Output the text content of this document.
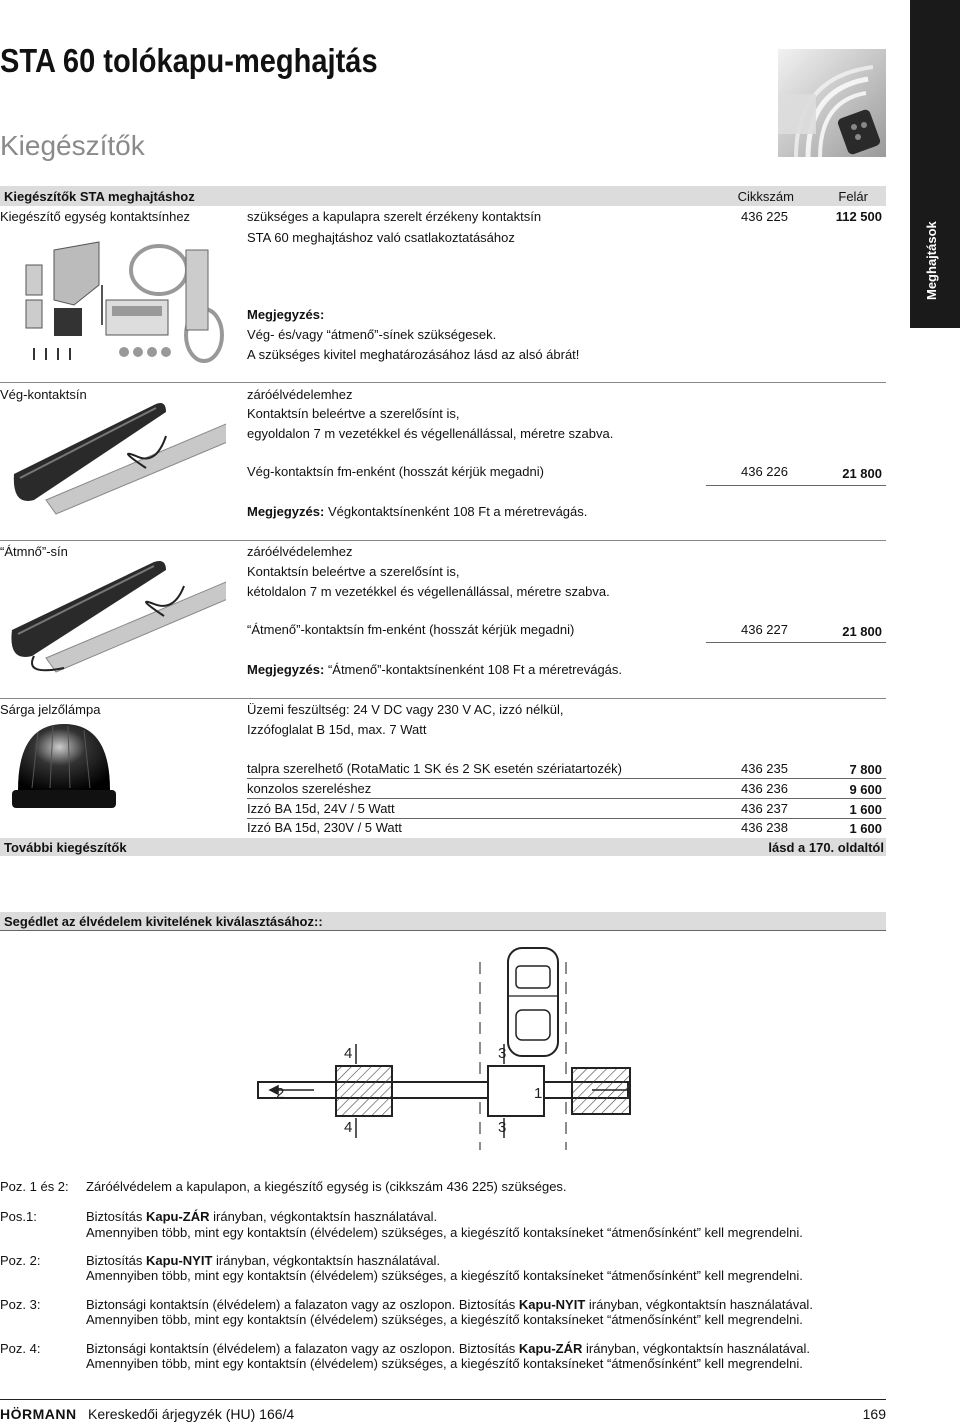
STA 60 tolókapu-meghajtás
Kiegészítők
Meghajtások
Kiegészítők STA meghajtáshoz	Cikkszám	Felár
Kiegészítő egység kontaktsínhez	szükséges a kapulapra szerelt érzékeny kontaktsín
STA 60 meghajtáshoz való csatlakoztatásához
436 225	112 500
Megjegyzés:
Vég- és/vagy “átmenő”-sínek szükségesek.
A szükséges kivitel meghatározásához lásd az alsó ábrát!
Vég-kontaktsín	záróélvédelemhez
Kontaktsín beleértve a szerelősínt is,
egyoldalon 7 m vezetékkel és végellenállással, méretre szabva.
Vég-kontaktsín fm-enként (hosszát kérjük megadni)	436 226	21 800
Megjegyzés: Végkontaktsínenként 108 Ft a méretrevágás.
“Átmnő”-sín	záróélvédelemhez
Kontaktsín beleértve a szerelősínt is,
kétoldalon 7 m vezetékkel és végellenállással, méretre szabva.
“Átmenő”-kontaktsín fm-enként (hosszát kérjük megadni)	436 227	21 800
Megjegyzés: “Átmenő”-kontaktsínenként 108 Ft a méretrevágás.
Sárga jelzőlámpa	Üzemi feszültség: 24 V DC vagy 230 V AC, izzó nélkül,
Izzófoglalat B 15d, max. 7 Watt
talpra szerelhető (RotaMatic 1 SK és 2 SK esetén szériatartozék)	436 235	7 800
konzolos szereléshez	436 236	9 600
Izzó BA 15d, 24V / 5 Watt	436 237	1 600
Izzó BA 15d, 230V / 5 Watt	436 238	1 600
További kiegészítők	lásd a 170. oldaltól
Segédlet az élvédelem kivitelének kiválasztásához::
4	3
2	1
4	3
Poz. 1 és 2: Záróélvédelem a kapulapon, a kiegészítő egység is (cikkszám 436 225) szükséges.
Pos.1:	Biztosítás Kapu-ZÁR irányban, végkontaktsín használatával.
Amennyiben több, mint egy kontaktsín (élvédelem) szükséges, a kiegészítő kontaksíneket “átmenősínként” kell megrendelni.
Poz. 2:	Biztosítás Kapu-NYIT irányban, végkontaktsín használatával.
Amennyiben több, mint egy kontaktsín (élvédelem) szükséges, a kiegészítő kontaksíneket “átmenősínként” kell megrendelni.
Poz. 3:	Biztonsági kontaktsín (élvédelem) a falazaton vagy az oszlopon. Biztosítás Kapu-NYIT irányban, végkontaktsín használatával.
Amennyiben több, mint egy kontaktsín (élvédelem) szükséges, a kiegészítő kontaksíneket “átmenősínként” kell megrendelni.
Poz. 4:	Biztonsági kontaktsín (élvédelem) a falazaton vagy az oszlopon. Biztosítás Kapu-ZÁR irányban, végkontaktsín használatával.
Amennyiben több, mint egy kontaktsín (élvédelem) szükséges, a kiegészítő kontaksíneket “átmenősínként” kell megrendelni.
HÖRMANN Kereskedői árjegyzék (HU) 166/4	169
